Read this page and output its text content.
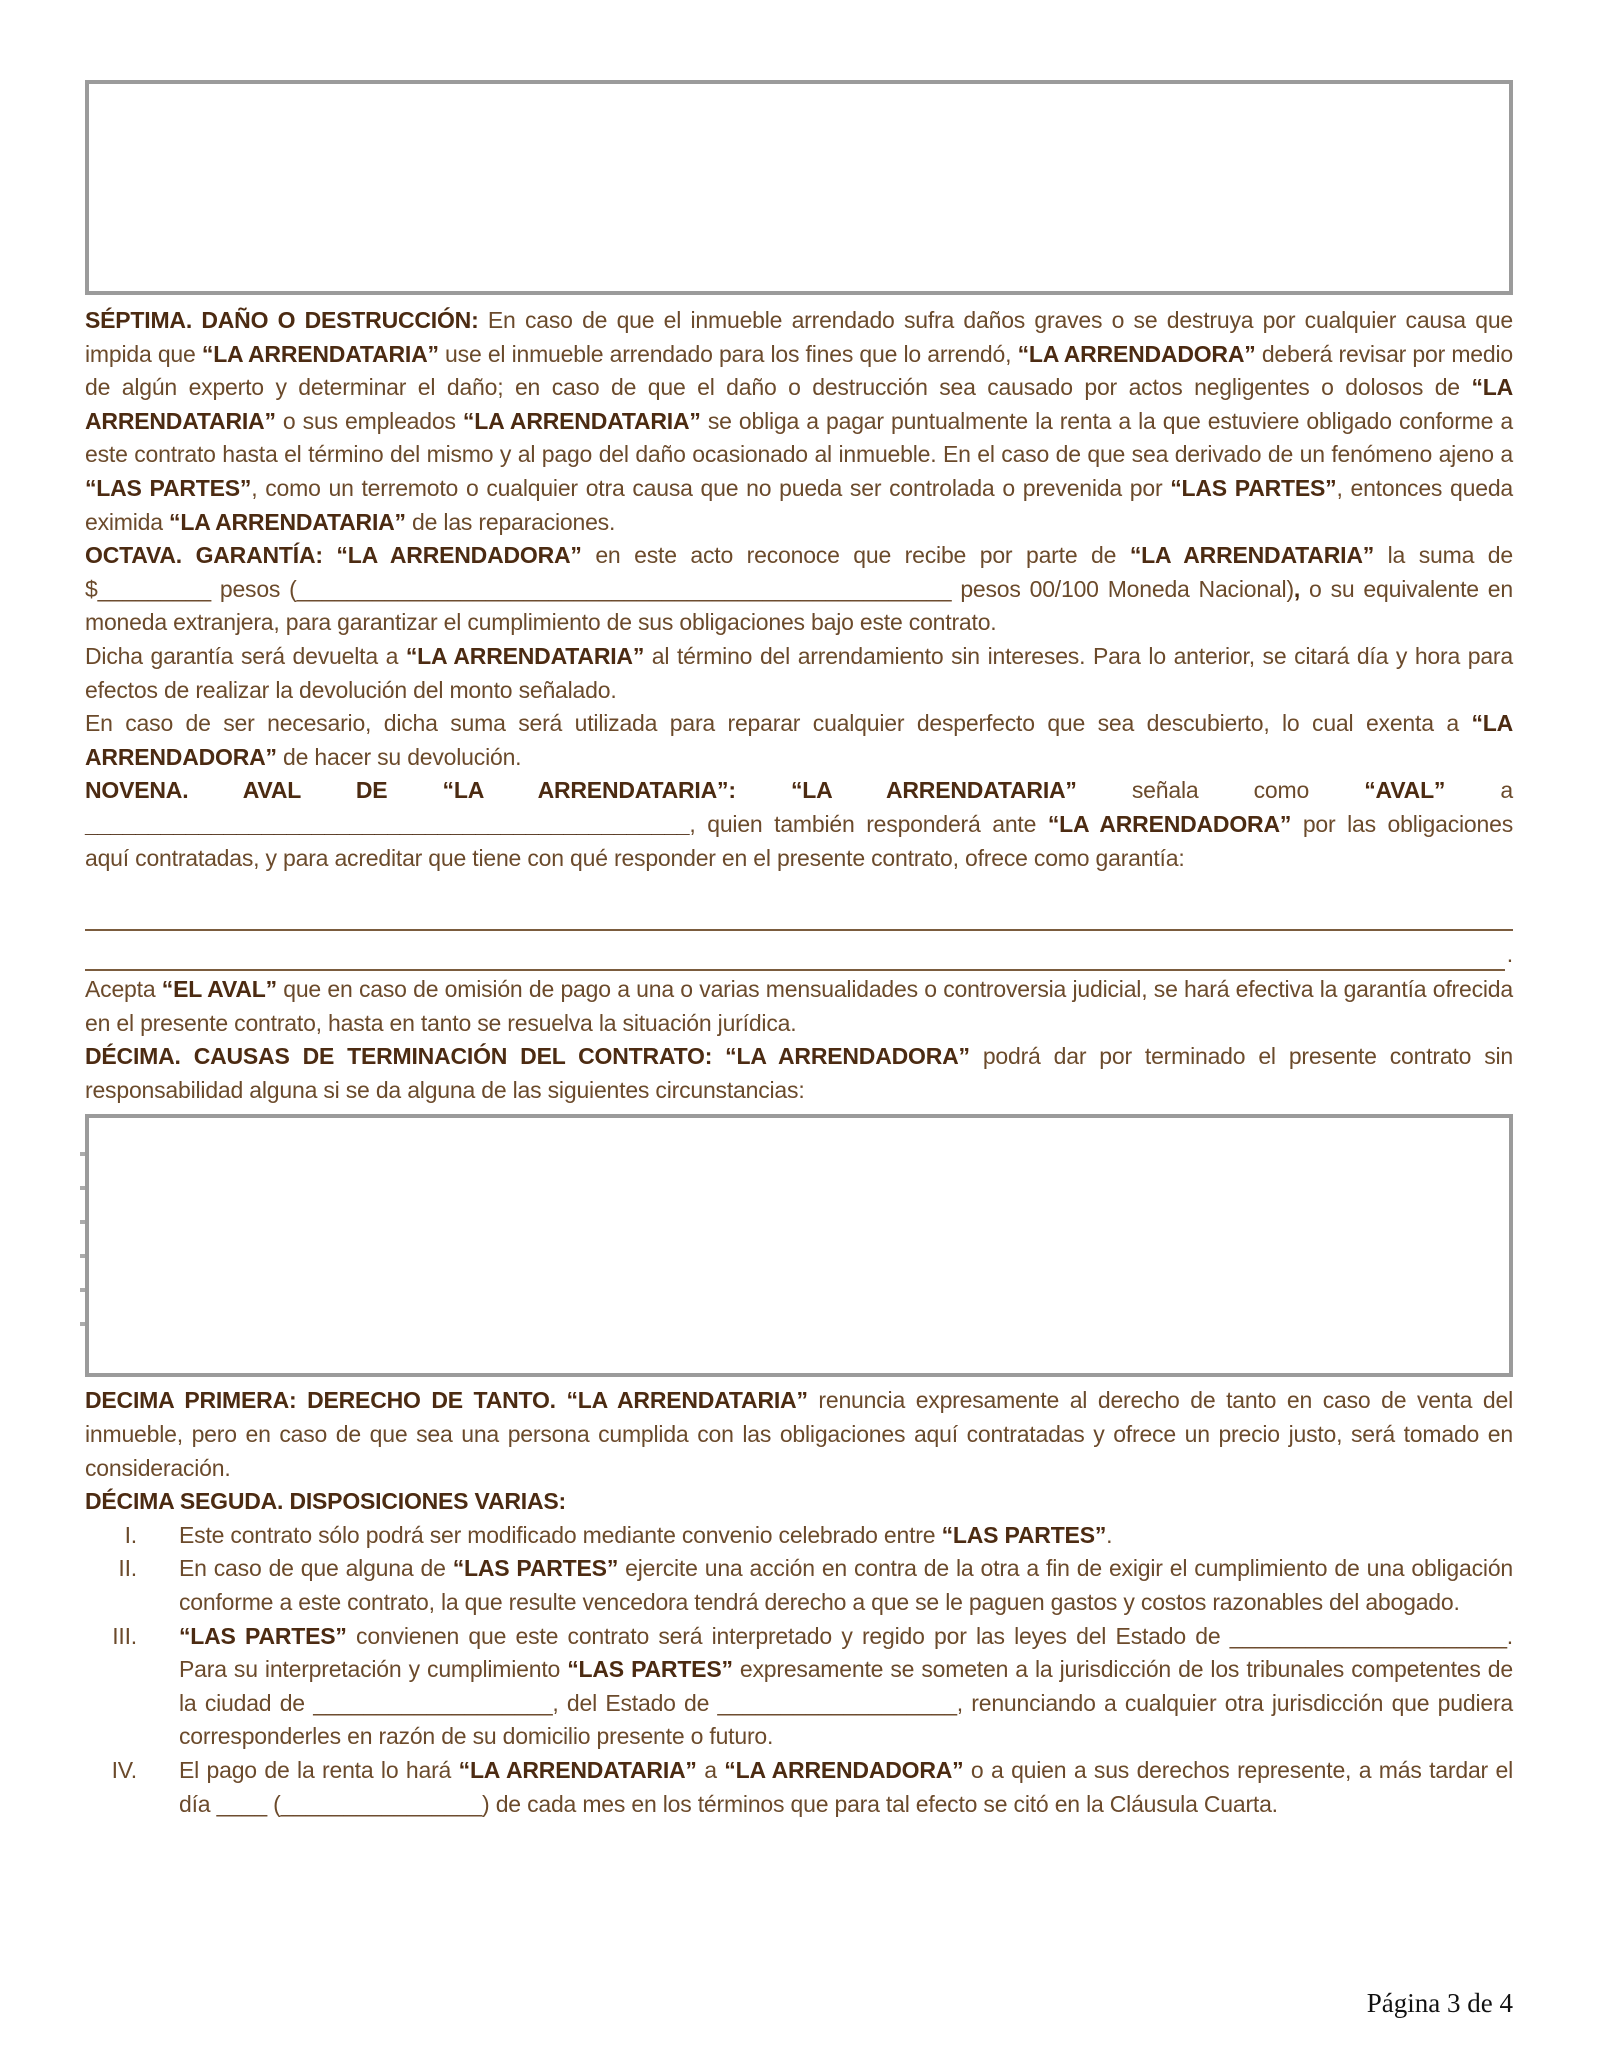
SÉPTIMA. DAÑO O DESTRUCCIÓN: En caso de que el inmueble arrendado sufra daños graves o se destruya por cualquier causa que impida que “LA ARRENDATARIA” use el inmueble arrendado para los fines que lo arrendó, “LA ARRENDADORA” deberá revisar por medio de algún experto y determinar el daño; en caso de que el daño o destrucción sea causado por actos negligentes o dolosos de “LA ARRENDATARIA” o sus empleados “LA ARRENDATARIA” se obliga a pagar puntualmente la renta a la que estuviere obligado conforme a este contrato hasta el término del mismo y al pago del daño ocasionado al inmueble. En el caso de que sea derivado de un fenómeno ajeno a “LAS PARTES”, como un terremoto o cualquier otra causa que no pueda ser controlada o prevenida por “LAS PARTES”, entonces queda eximida “LA ARRENDATARIA” de las reparaciones.

OCTAVA. GARANTÍA: “LA ARRENDADORA” en este acto reconoce que recibe por parte de “LA ARRENDATARIA” la suma de $_________ pesos (____________________________________________________ pesos 00/100 Moneda Nacional), o su equivalente en moneda extranjera, para garantizar el cumplimiento de sus obligaciones bajo este contrato.

Dicha garantía será devuelta a “LA ARRENDATARIA” al término del arrendamiento sin intereses. Para lo anterior, se citará día y hora para efectos de realizar la devolución del monto señalado.

En caso de ser necesario, dicha suma será utilizada para reparar cualquier desperfecto que sea descubierto, lo cual exenta a “LA ARRENDADORA” de hacer su devolución.

NOVENA. AVAL DE “LA ARRENDATARIA”: “LA ARRENDATARIA” señala como “AVAL” a ________________________________________________, quien también responderá ante “LA ARRENDADORA” por las obligaciones aquí contratadas, y para acreditar que tiene con qué responder en el presente contrato, ofrece como garantía:

.

Acepta “EL AVAL” que en caso de omisión de pago a una o varias mensualidades o controversia judicial, se hará efectiva la garantía ofrecida en el presente contrato, hasta en tanto se resuelva la situación jurídica.

DÉCIMA. CAUSAS DE TERMINACIÓN DEL CONTRATO: “LA ARRENDADORA” podrá dar por terminado el presente contrato sin responsabilidad alguna si se da alguna de las siguientes circunstancias:

DECIMA PRIMERA: DERECHO DE TANTO. “LA ARRENDATARIA” renuncia expresamente al derecho de tanto en caso de venta del inmueble, pero en caso de que sea una persona cumplida con las obligaciones aquí contratadas y ofrece un precio justo, será tomado en consideración.

DÉCIMA SEGUDA. DISPOSICIONES VARIAS:

I. Este contrato sólo podrá ser modificado mediante convenio celebrado entre “LAS PARTES”.
II. En caso de que alguna de “LAS PARTES” ejercite una acción en contra de la otra a fin de exigir el cumplimiento de una obligación conforme a este contrato, la que resulte vencedora tendrá derecho a que se le paguen gastos y costos razonables del abogado.
III. “LAS PARTES” convienen que este contrato será interpretado y regido por las leyes del Estado de ______________________. Para su interpretación y cumplimiento “LAS PARTES” expresamente se someten a la jurisdicción de los tribunales competentes de la ciudad de ___________________, del Estado de ___________________, renunciando a cualquier otra jurisdicción que pudiera corresponderles en razón de su domicilio presente o futuro.
IV. El pago de la renta lo hará “LA ARRENDATARIA” a “LA ARRENDADORA” o a quien a sus derechos represente, a más tardar el día ____ (________________) de cada mes en los términos que para tal efecto se citó en la Cláusula Cuarta.
Página 3 de 4
